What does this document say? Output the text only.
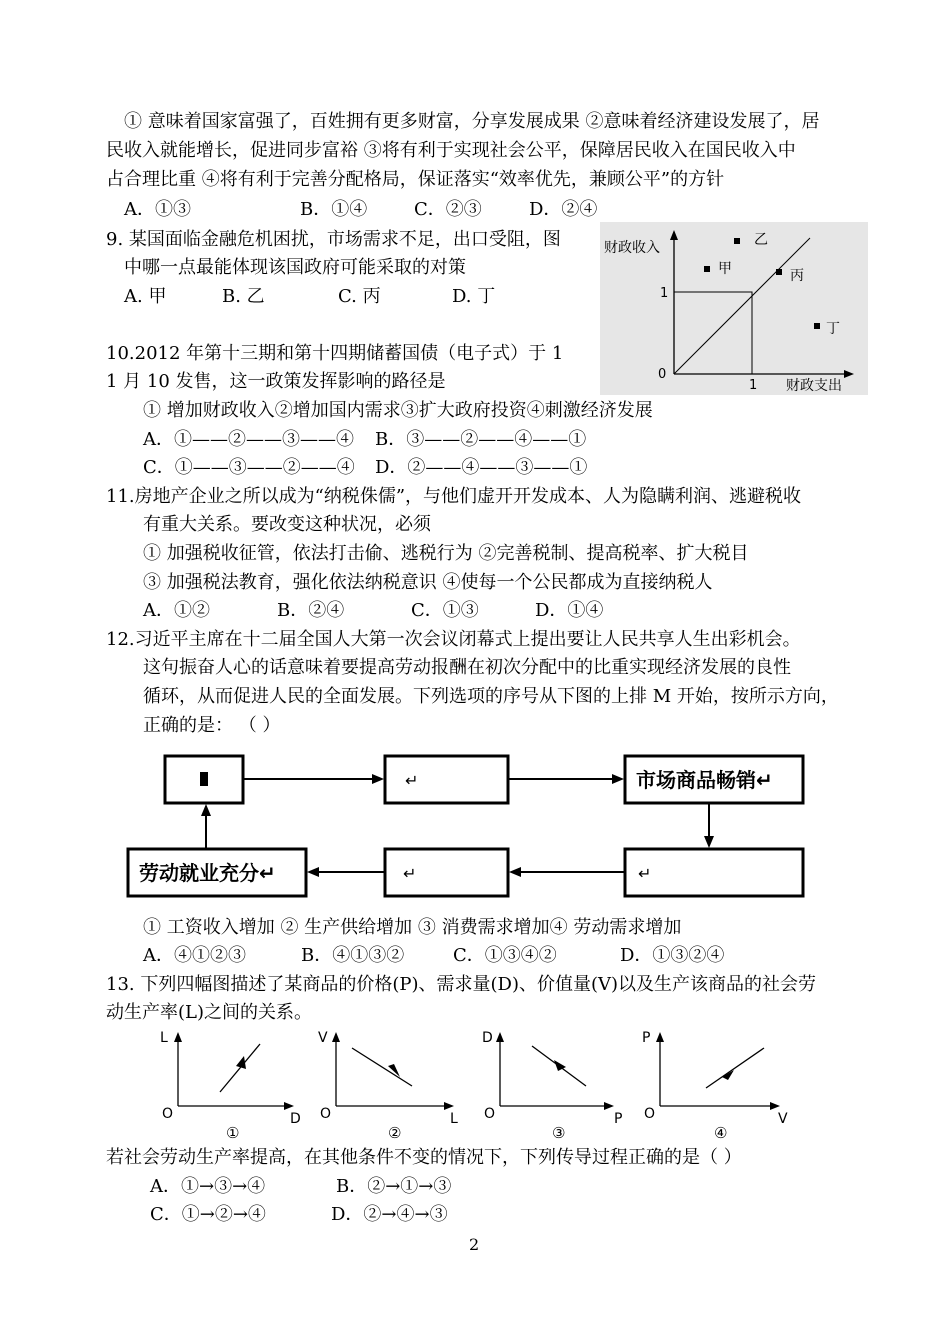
① 意味着国家富强了，百姓拥有更多财富，分享发展成果 ②意味着经济建设发展了，居
民收入就能增长，促进同步富裕 ③将有利于实现社会公平，保障居民收入在国民收入中
占合理比重 ④将有利于完善分配格局，保证落实“效率优先，兼顾公平”的方针
A．①③	B．①④	C．②③	D．②④
9. 某国面临金融危机困扰，市场需求不足，出口受阻，图
中哪一点最能体现该国政府可能采取的对策
A. 甲	B. 乙	C. 丙	D. 丁
财政收入
财政支出
0
1
1
甲
乙
丙
丁
10.2012 年第十三期和第十四期储蓄国债（电子式）于 1
1 月 10 发售，这一政策发挥影响的路径是
① 增加财政收入②增加国内需求③扩大政府投资④刺激经济发展
A．①——②——③——④ B．③——②——④——①
C．①——③——②——④ D．②——④——③——①
11.房地产企业之所以成为“纳税侏儒”，与他们虚开开发成本、人为隐瞒利润、逃避税收
有重大关系。要改变这种状况，必须
① 加强税收征管，依法打击偷、逃税行为 ②完善税制、提高税率、扩大税目
③ 加强税法教育，强化依法纳税意识 ④使每一个公民都成为直接纳税人
A．①②	B．②④	C．①③	D．①④
12.习近平主席在十二届全国人大第一次会议闭幕式上提出要让人民共享人生出彩机会。
这句振奋人心的话意味着要提高劳动报酬在初次分配中的比重实现经济发展的良性
循环，从而促进人民的全面发展。下列选项的序号从下图的上排 M 开始，按所示方向，
正确的是： （ ）
↵	市场商品畅销↵
劳动就业充分↵	↵	↵
① 工资收入增加 ② 生产供给增加 ③ 消费需求增加④ 劳动需求增加
A．④①②③	B．④①③②	C．①③④②	D．①③②④
13. 下列四幅图描述了某商品的价格(P)、需求量(D)、价值量(V)以及生产该商品的社会劳
动生产率(L)之间的关系。
L
D
O
①
V
L
O
②
D
P
O
③
P
V
O
④
若社会劳动生产率提高，在其他条件不变的情况下，下列传导过程正确的是（ ）
A．①→③→④	B．②→①→③
C．①→②→④	D．②→④→③
2
